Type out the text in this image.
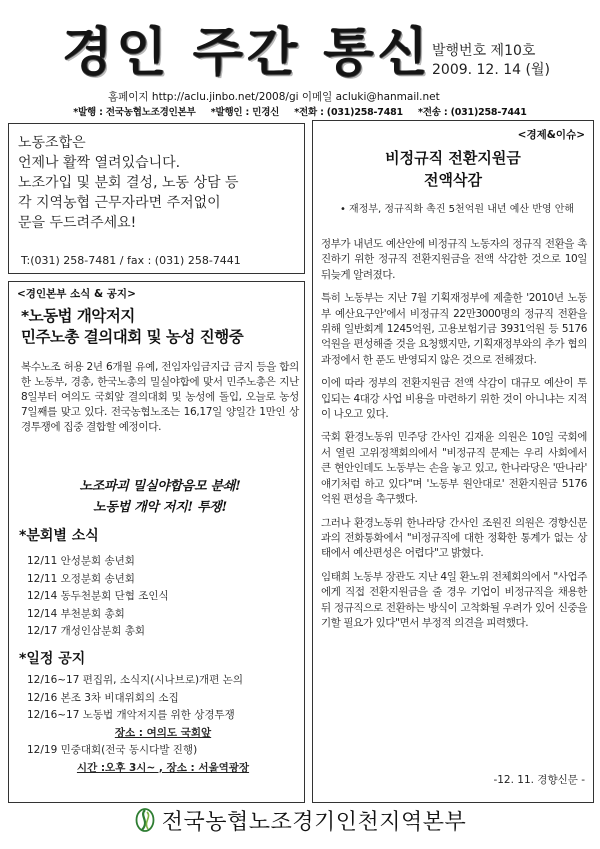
경인 주간 통신 발행번호 제10호
2009. 12. 14 (월)
홈페이지 http://aclu.jinbo.net/2008/gi 이메일 acluki@hanmail.net
*발행 : 전국농협노조경인본부 *발행인 : 민경신 *전화 : (031)258-7481 *전송 : (031)258-7441
노동조합은
언제나 활짝 열려있습니다.
노조가입 및 분회 결성, 노동 상담 등
각 지역농협 근무자라면 주저없이
문을 두드려주세요!
T:(031) 258-7481 / fax : (031) 258-7441
<경인본부 소식 & 공지>
*노동법 개악저지
민주노총 결의대회 및 농성 진행중
복수노조 허용 2년 6개월 유예, 전임자임금지급 금지 등을 합의한 노동부, 경총, 한국노총의 밀실야합에 맞서 민주노총은 지난 8일부터 여의도 국회앞 결의대회 및 농성에 돌입, 오늘로 농성 7일째를 맞고 있다. 전국농협노조는 16,17일 양일간 1만인 상경투쟁에 집중 결합할 예정이다.
노조파괴 밀실야합음모 분쇄!
노동법 개악 저지! 투쟁!
*분회별 소식
12/11 안성분회 송년회
12/11 오정분회 송년회
12/14 동두천분회 단협 조인식
12/14 부천분회 총회
12/17 개성인삼분회 총회
*일정 공지
12/16~17 편집위, 소식지(시나브로)개편 논의
12/16 본조 3차 비대위회의 소집
12/16~17 노동법 개악저지를 위한 상경투쟁
장소 : 여의도 국회앞
12/19 민중대회(전국 동시다발 진행)
시간 :오후 3시~ , 장소 : 서울역광장
<경제&이슈>
비정규직 전환지원금
전액삭감
• 재정부, 정규직화 촉진 5천억원 내년 예산 반영 안해

정부가 내년도 예산안에 비정규직 노동자의 정규직 전환을 촉진하기 위한 정규직 전환지원금을 전액 삭감한 것으로 10일 뒤늦게 알려졌다.

특히 노동부는 지난 7월 기획재정부에 제출한 '2010년 노동부 예산요구안'에서 비정규직 22만3000명의 정규직 전환을 위해 일반회계 1245억원, 고용보험기금 3931억원 등 5176억원을 편성해줄 것을 요청했지만, 기획재정부와의 추가 협의과정에서 한 푼도 반영되지 않은 것으로 전해졌다.

이에 따라 정부의 전환지원금 전액 삭감이 대규모 예산이 투입되는 4대강 사업 비용을 마련하기 위한 것이 아니냐는 지적이 나오고 있다.

국회 환경노동위 민주당 간사인 김재윤 의원은 10일 국회에서 열린 고위정책회의에서 "비정규직 문제는 우리 사회에서 큰 현안인데도 노동부는 손을 놓고 있고, 한나라당은 '딴나라' 얘기처럼 하고 있다"며 '노동부 원안대로' 전환지원금 5176억원 편성을 촉구했다.

그러나 환경노동위 한나라당 간사인 조원진 의원은 경향신문과의 전화통화에서 "비정규직에 대한 정확한 통계가 없는 상태에서 예산편성은 어렵다"고 밝혔다.

임태희 노동부 장관도 지난 4일 환노위 전체회의에서 "사업주에게 직접 전환지원금을 줄 경우 기업이 비정규직을 채용한 뒤 정규직으로 전환하는 방식이 고착화될 우려가 있어 신중을 기할 필요가 있다"면서 부정적 의견을 피력했다.

-12. 11. 경향신문 -
전국농협노조경기인천지역본부
